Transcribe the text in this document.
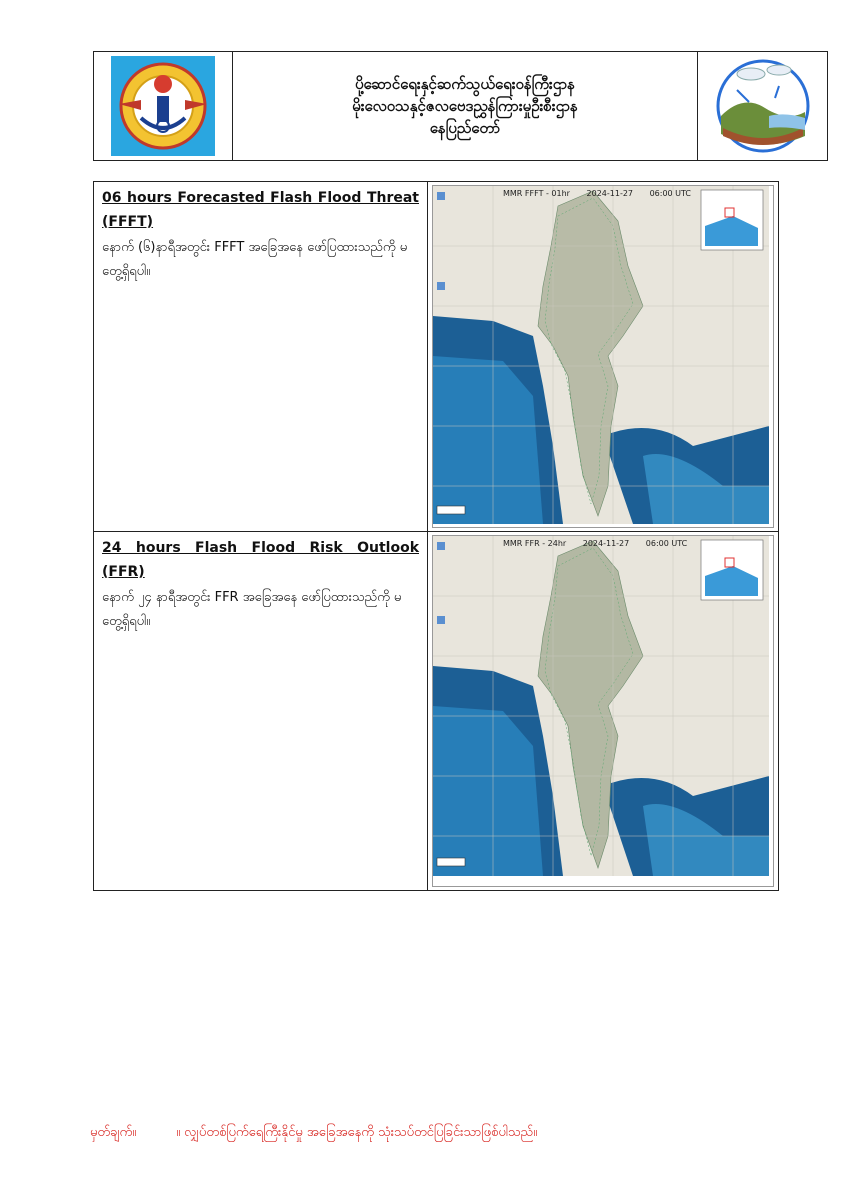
ပို့ဆောင်ရေးနှင့်ဆက်သွယ်ရေးဝန်ကြီးဌာန
မိုးလေဝသနှင့်ဇလဗေဒညွှန်ကြားမှုဦးစီးဌာန
နေပြည်တော်
06 hours Forecasted Flash Flood Threat (FFFT)
နောက် (၆)နာရီအတွင်း FFFT အခြေအနေ ဖော်ပြထားသည်ကို မတွေ့ရှိရပါ။
MMR FFFT - 01hr 2024-11-27 06:00 UTC
24 hours Flash Flood Risk Outlook (FFR)
နောက် ၂၄ နာရီအတွင်း FFR အခြေအနေ ဖော်ပြထားသည်ကို မတွေ့ရှိရပါ။
MMR FFR - 24hr 2024-11-27 06:00 UTC
မှတ်ချက်။	။ လျှပ်တစ်ပြက်ရေကြီးနိုင်မှု အခြေအနေကို သုံးသပ်တင်ပြခြင်းသာဖြစ်ပါသည်။
